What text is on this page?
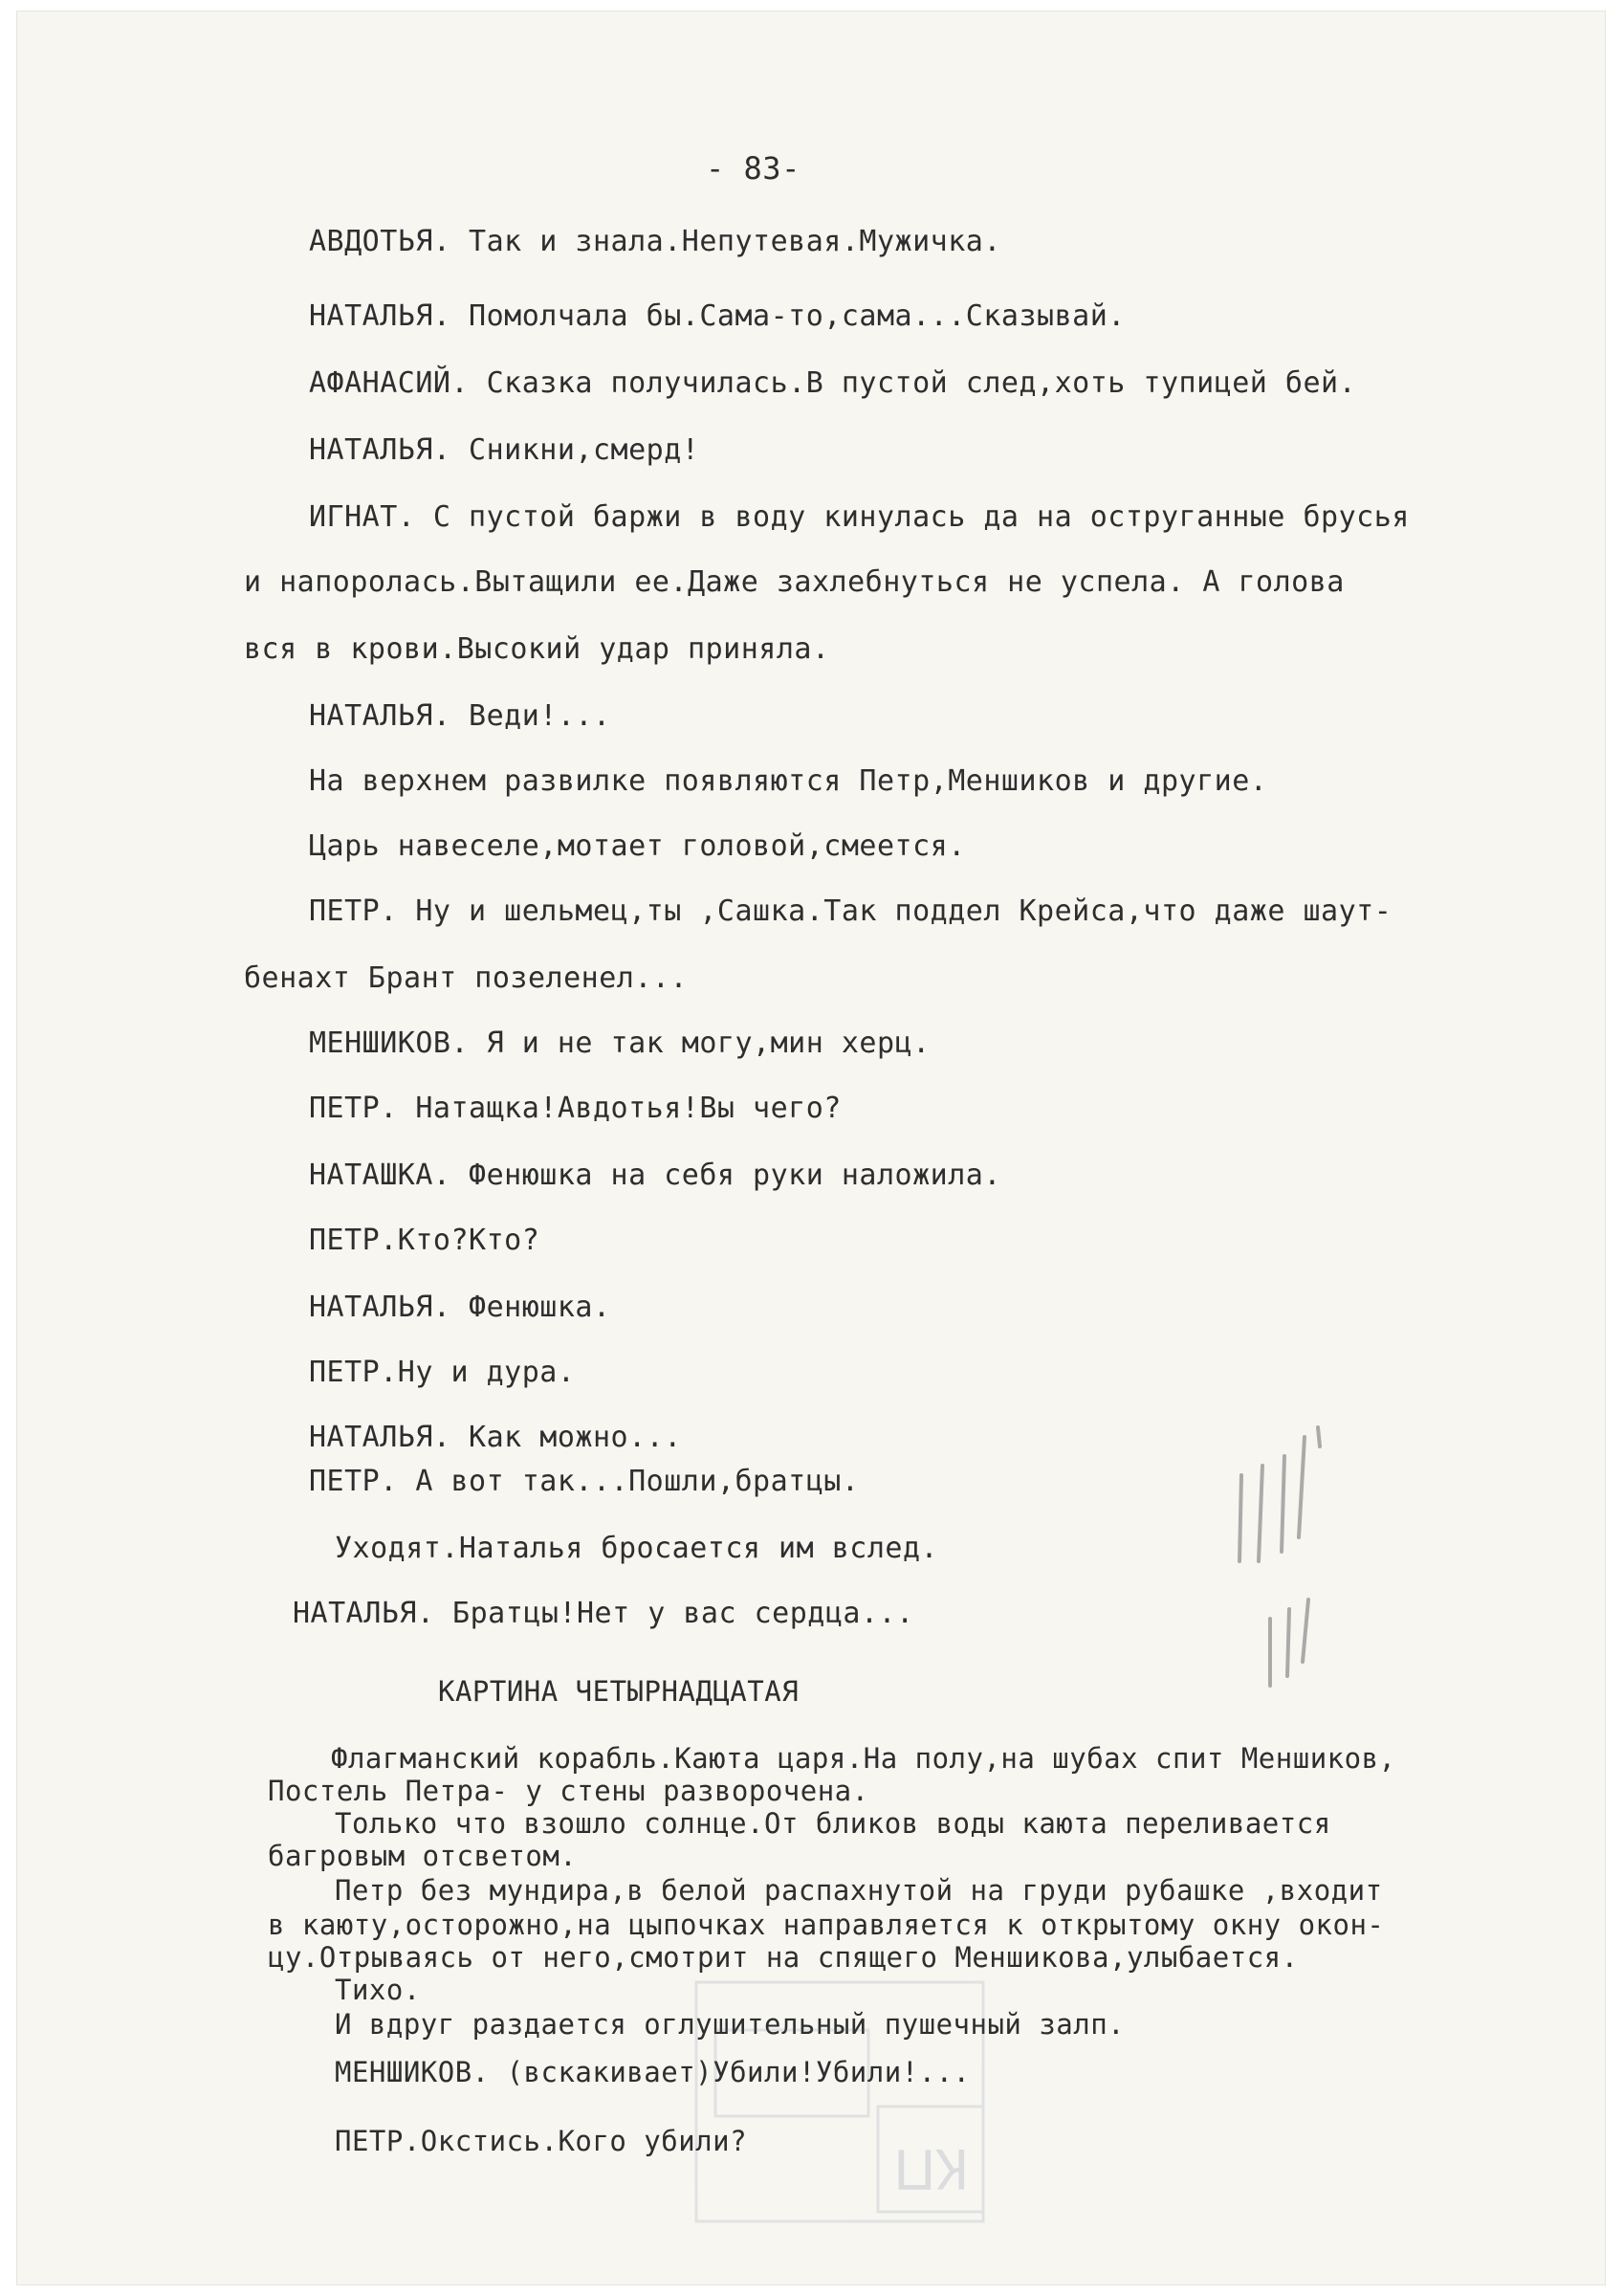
- 83-
АВДОТЬЯ. Так и знала.Непутевая.Мужичка.
НАТАЛЬЯ. Помолчала бы.Сама-то,сама...Сказывай.
АФАНАСИЙ. Сказка получилась.В пустой след,хоть тупицей бей.
НАТАЛЬЯ. Сникни,смерд!
ИГНАТ. С пустой баржи в воду кинулась да на оструганные брусья
и напоролась.Вытащили ее.Даже захлебнуться не успела. А голова
вся в крови.Высокий удар приняла.
НАТАЛЬЯ. Веди!...
На верхнем развилке появляются Петр,Меншиков и другие.
Царь навеселе,мотает головой,смеется.
ПЕТР. Ну и шельмец,ты ,Сашка.Так поддел Крейса,что даже шаут-
бенахт Брант позеленел...
МЕНШИКОВ. Я и не так могу,мин херц.
ПЕТР. Натащка!Авдотья!Вы чего?
НАТАШКА. Фенюшка на себя руки наложила.
ПЕТР.Кто?Кто?
НАТАЛЬЯ. Фенюшка.
ПЕТР.Ну и дура.
НАТАЛЬЯ. Как можно...
ПЕТР. А вот так...Пошли,братцы.
Уходят.Наталья бросается им вслед.
НАТАЛЬЯ. Братцы!Нет у вас сердца...
КАРТИНА ЧЕТЫРНАДЦАТАЯ
Флагманский корабль.Каюта царя.На полу,на шубах спит Меншиков,
Постель Петра- у стены разворочена.
Только что взошло солнце.От бликов воды каюта переливается
багровым отсветом.
Петр без мундира,в белой распахнутой на груди рубашке ,входит
в каюту,осторожно,на цыпочках направляется к открытому окну окон-
цу.Отрываясь от него,смотрит на спящего Меншикова,улыбается.
Тихо.
И вдруг раздается оглушительный пушечный залп.
МЕНШИКОВ. (вскакивает)Убили!Убили!...
ПЕТР.Окстись.Кого убили?	КП
